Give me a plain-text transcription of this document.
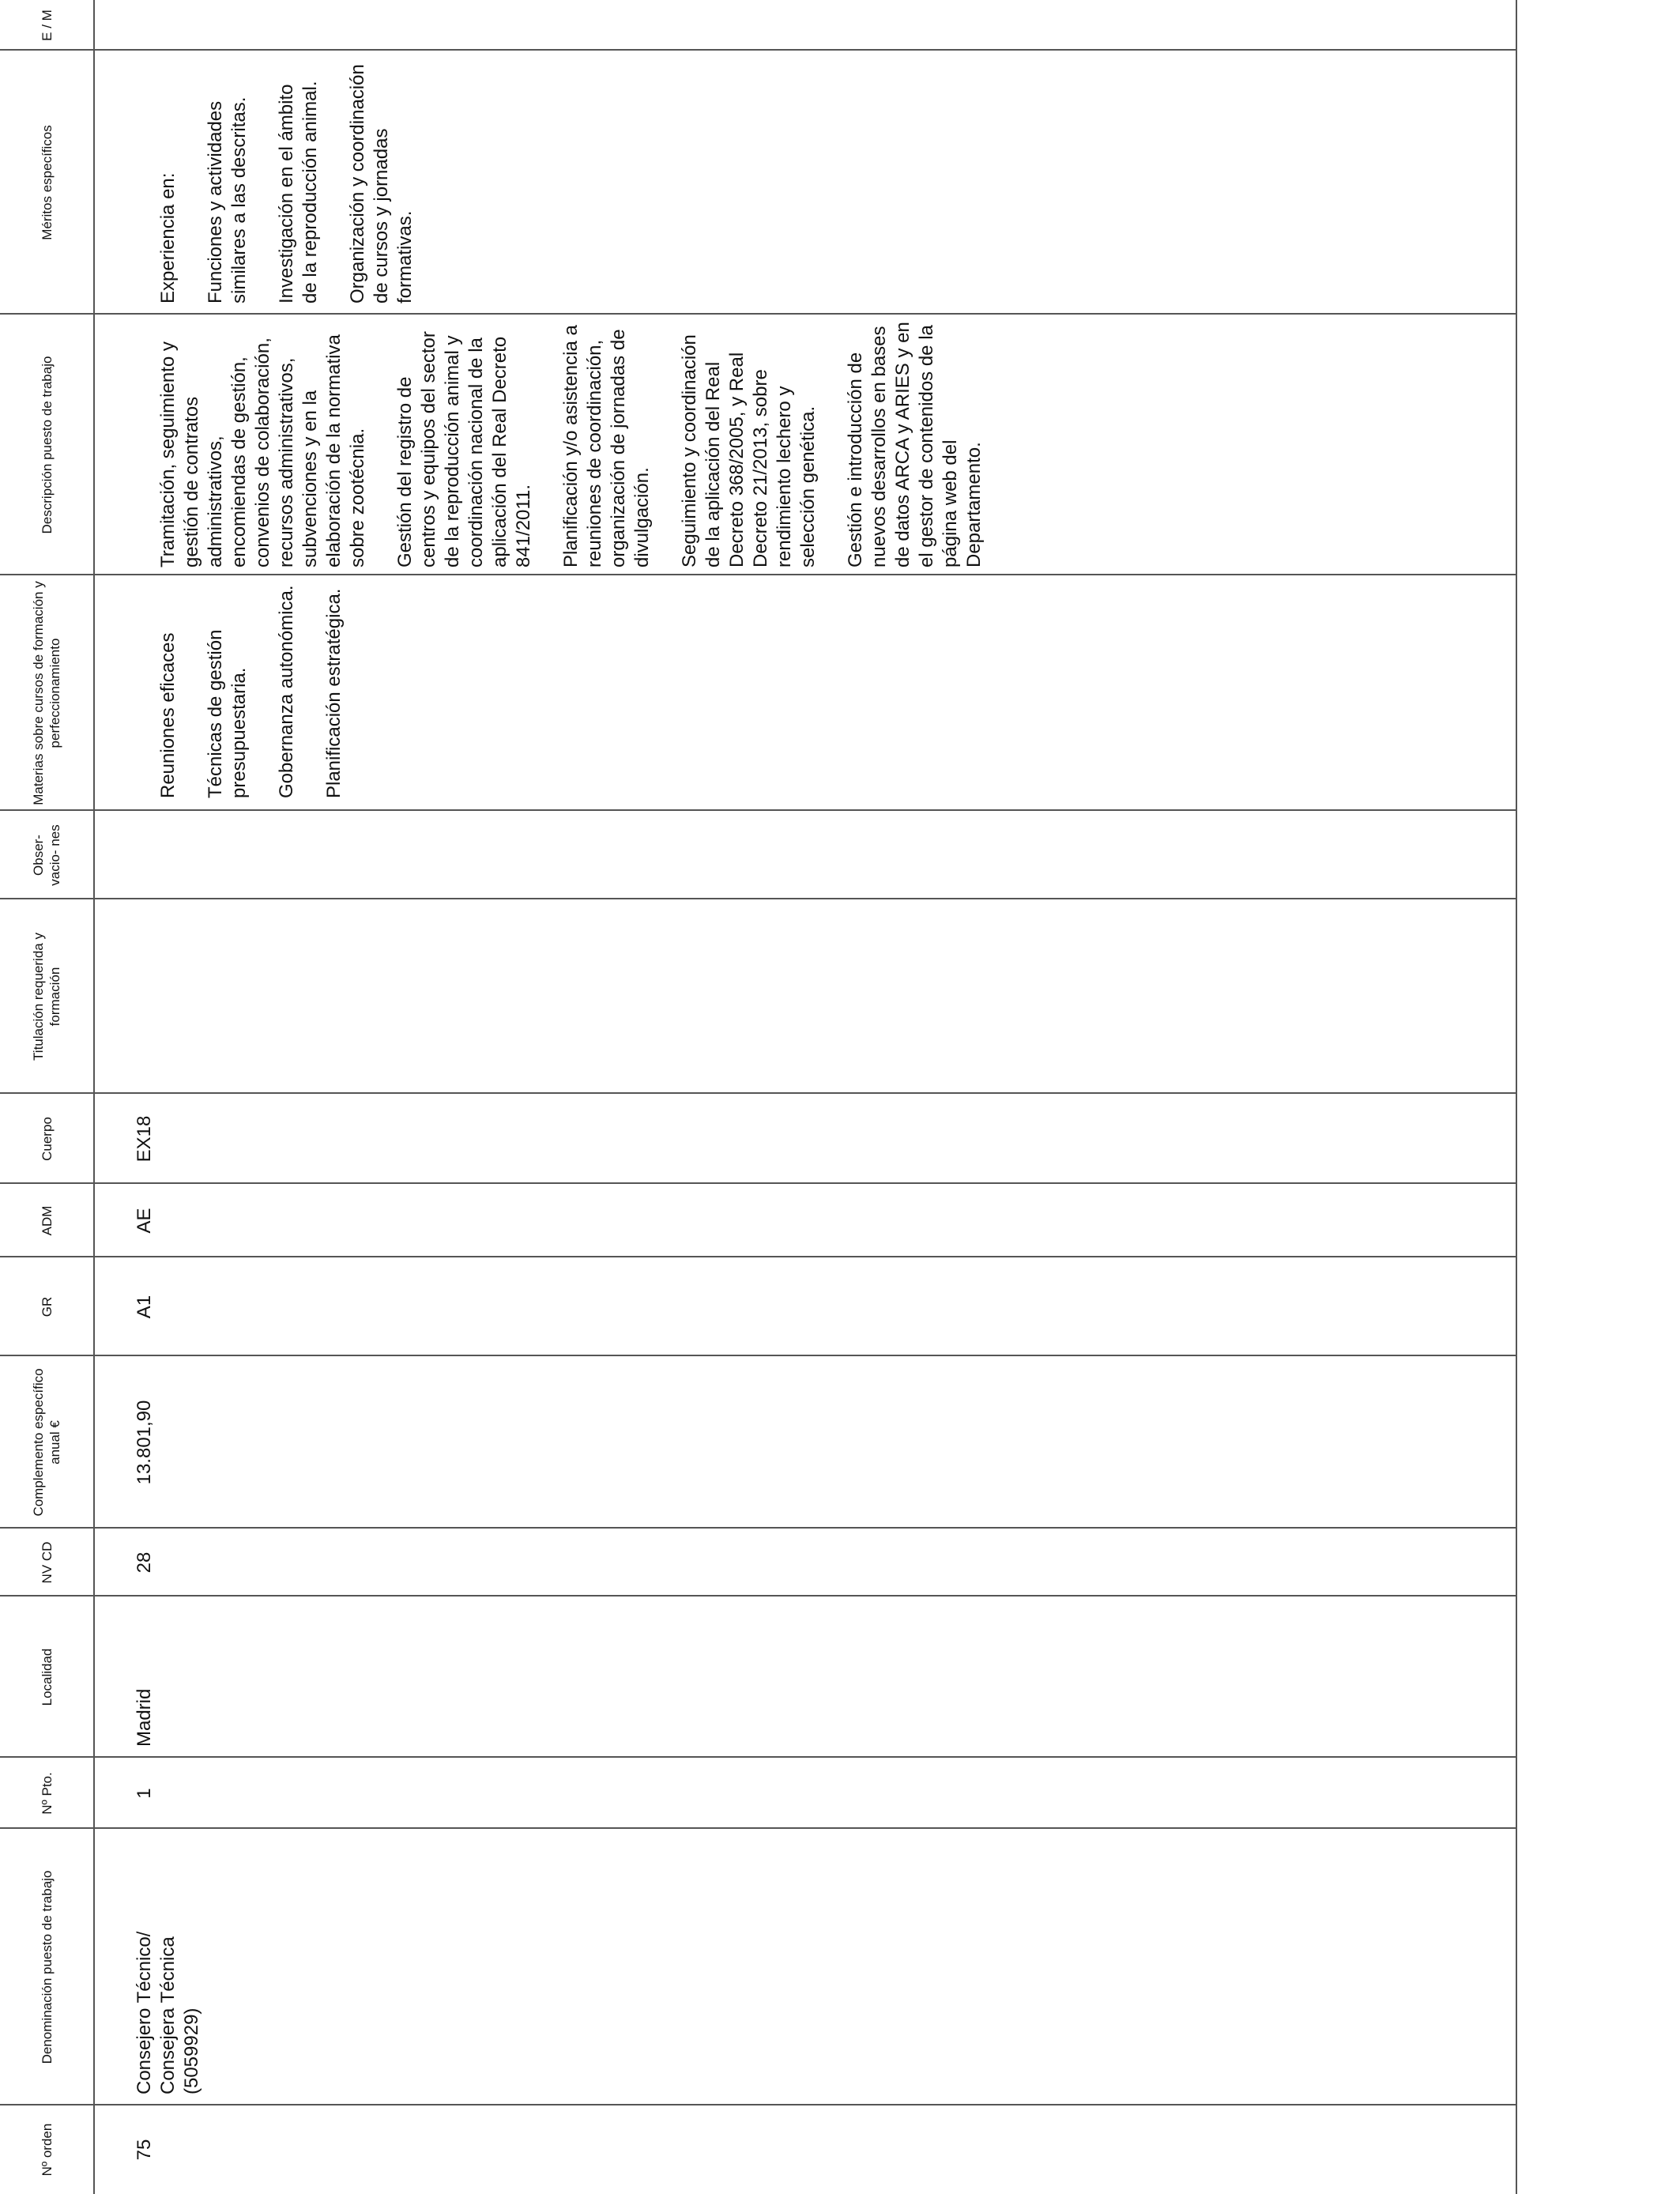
Nº orden
Denominación puesto de trabajo
Nº Pto.
Localidad
NV CD
Complemento específico anual €
GR
ADM
Cuerpo
Titulación requerida y formación
Obser- vacio- nes
Materias sobre cursos de formación y perfeccionamiento
Descripción puesto de trabajo
Méritos específicos
E / M
75
Consejero Técnico/
Consejera Técnica
(5059929)
1
Madrid
28
13.801,90
A1
AE
EX18

Reuniones eficaces Técnicas de gestión presupuestaria. Gobernanza autonómica. Planificación estratégica.

Tramitación, seguimiento y gestión de contratos administrativos, encomiendas de gestión, convenios de colaboración, recursos administrativos, subvenciones y en la elaboración de la normativa sobre zootécnia. Gestión del registro de centros y equipos del sector de la reproducción animal y coordinación nacional de la aplicación del Real Decreto 841/2011. Planificación y/o asistencia a reuniones de coordinación, organización de jornadas de divulgación. Seguimiento y coordinación de la aplicación del Real Decreto 368/2005, y Real Decreto 21/2013, sobre rendimiento lechero y selección genética. Gestión e introducción de nuevos desarrollos en bases de datos ARCA y ARIES y en el gestor de contenidos de la página web del Departamento.

Experiencia en: Funciones y actividades similares a las descritas. Investigación en el ámbito de la reproducción animal. Organización y coordinación de cursos y jornadas formativas.
